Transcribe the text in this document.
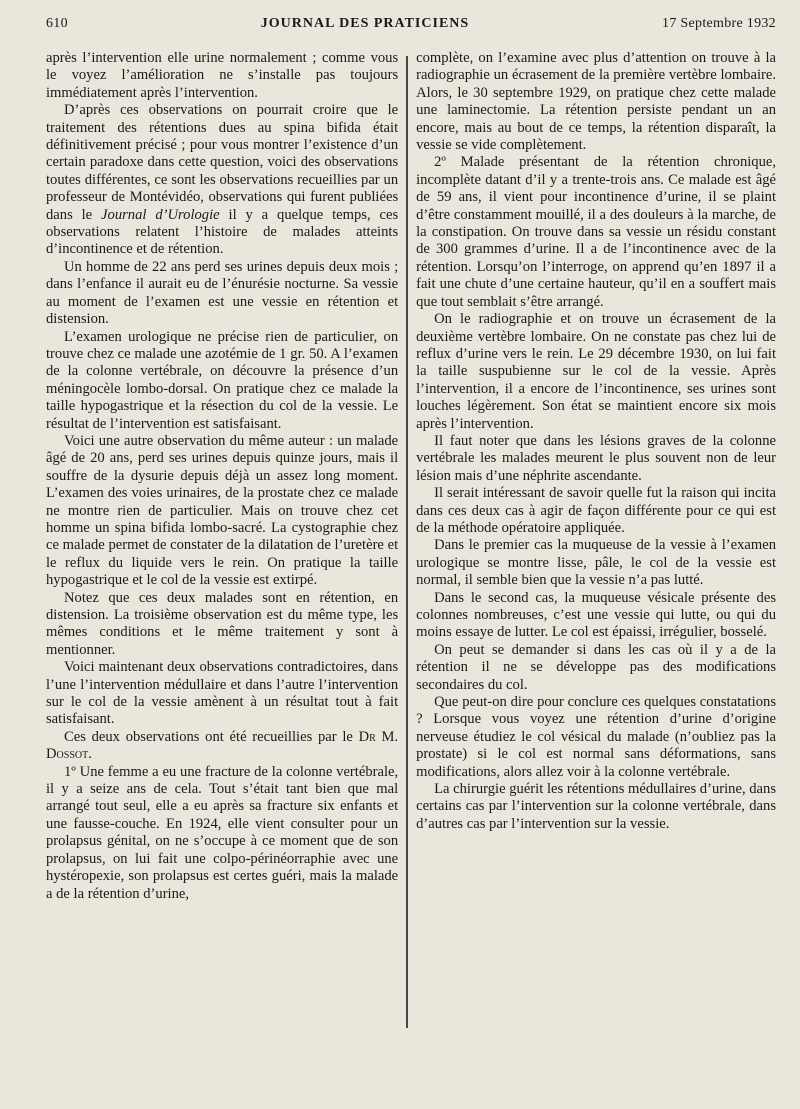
610	JOURNAL DES PRATICIENS	17 Septembre 1932

après l’intervention elle urine normalement ; comme vous le voyez l’amélioration ne s’installe pas toujours immédiatement après l’intervention.

D’après ces observations on pourrait croire que le traitement des rétentions dues au spina bifida était définitivement précisé ; pour vous montrer l’existence d’un certain paradoxe dans cette question, voici des observations toutes différentes, ce sont les observations recueillies par un professeur de Montévidéo, observations qui furent publiées dans le Journal d’Urologie il y a quelque temps, ces observations relatent l’histoire de malades atteints d’incontinence et de rétention.

Un homme de 22 ans perd ses urines depuis deux mois ; dans l’enfance il aurait eu de l’énurésie nocturne. Sa vessie au moment de l’examen est une vessie en rétention et distension.

L’examen urologique ne précise rien de particulier, on trouve chez ce malade une azotémie de 1 gr. 50. A l’examen de la colonne vertébrale, on découvre la présence d’un méningocèle lombo-dorsal. On pratique chez ce malade la taille hypogastrique et la résection du col de la vessie. Le résultat de l’intervention est satisfaisant.

Voici une autre observation du même auteur : un malade âgé de 20 ans, perd ses urines depuis quinze jours, mais il souffre de la dysurie depuis déjà un assez long moment. L’examen des voies urinaires, de la prostate chez ce malade ne montre rien de particulier. Mais on trouve chez cet homme un spina bifida lombo-sacré. La cystographie chez ce malade permet de constater de la dilatation de l’uretère et le reflux du liquide vers le rein. On pratique la taille hypogastrique et le col de la vessie est extirpé.

Notez que ces deux malades sont en rétention, en distension. La troisième observation est du même type, les mêmes conditions et le même traitement y sont à mentionner.

Voici maintenant deux observations contradictoires, dans l’une l’intervention médullaire et dans l’autre l’intervention sur le col de la vessie amènent à un résultat tout à fait satisfaisant.

Ces deux observations ont été recueillies par le Dr M. Dossot.

1º Une femme a eu une fracture de la colonne vertébrale, il y a seize ans de cela. Tout s’était tant bien que mal arrangé tout seul, elle a eu après sa fracture six enfants et une fausse-couche. En 1924, elle vient consulter pour un prolapsus génital, on ne s’occupe à ce moment que de son prolapsus, on lui fait une colpo-périnéorraphie avec une hystéropexie, son prolapsus est certes guéri, mais la malade a de la rétention d’urine,

complète, on l’examine avec plus d’attention on trouve à la radiographie un écrasement de la première vertèbre lombaire. Alors, le 30 septembre 1929, on pratique chez cette malade une laminectomie. La rétention persiste pendant un an encore, mais au bout de ce temps, la rétention disparaît, la vessie se vide complètement.

2º Malade présentant de la rétention chronique, incomplète datant d’il y a trente-trois ans. Ce malade est âgé de 59 ans, il vient pour incontinence d’urine, il se plaint d’être constamment mouillé, il a des douleurs à la marche, de la constipation. On trouve dans sa vessie un résidu constant de 300 grammes d’urine. Il a de l’incontinence avec de la rétention. Lorsqu’on l’interroge, on apprend qu’en 1897 il a fait une chute d’une certaine hauteur, qu’il en a souffert mais que tout semblait s’être arrangé.

On le radiographie et on trouve un écrasement de la deuxième vertèbre lombaire. On ne constate pas chez lui de reflux d’urine vers le rein. Le 29 décembre 1930, on lui fait la taille suspubienne sur le col de la vessie. Après l’intervention, il a encore de l’incontinence, ses urines sont louches légèrement. Son état se maintient encore six mois après l’intervention.

Il faut noter que dans les lésions graves de la colonne vertébrale les malades meurent le plus souvent non de leur lésion mais d’une néphrite ascendante.

Il serait intéressant de savoir quelle fut la raison qui incita dans ces deux cas à agir de façon différente pour ce qui est de la méthode opératoire appliquée.

Dans le premier cas la muqueuse de la vessie à l’examen urologique se montre lisse, pâle, le col de la vessie est normal, il semble bien que la vessie n’a pas lutté.

Dans le second cas, la muqueuse vésicale présente des colonnes nombreuses, c’est une vessie qui lutte, ou qui du moins essaye de lutter. Le col est épaissi, irrégulier, bosselé.

On peut se demander si dans les cas où il y a de la rétention il ne se développe pas des modifications secondaires du col.

Que peut-on dire pour conclure ces quelques constatations ? Lorsque vous voyez une rétention d’urine d’origine nerveuse étudiez le col vésical du malade (n’oubliez pas la prostate) si le col est normal sans déformations, sans modifications, alors allez voir à la colonne vertébrale.

La chirurgie guérit les rétentions médullaires d’urine, dans certains cas par l’intervention sur la colonne vertébrale, dans d’autres cas par l’intervention sur la vessie.
